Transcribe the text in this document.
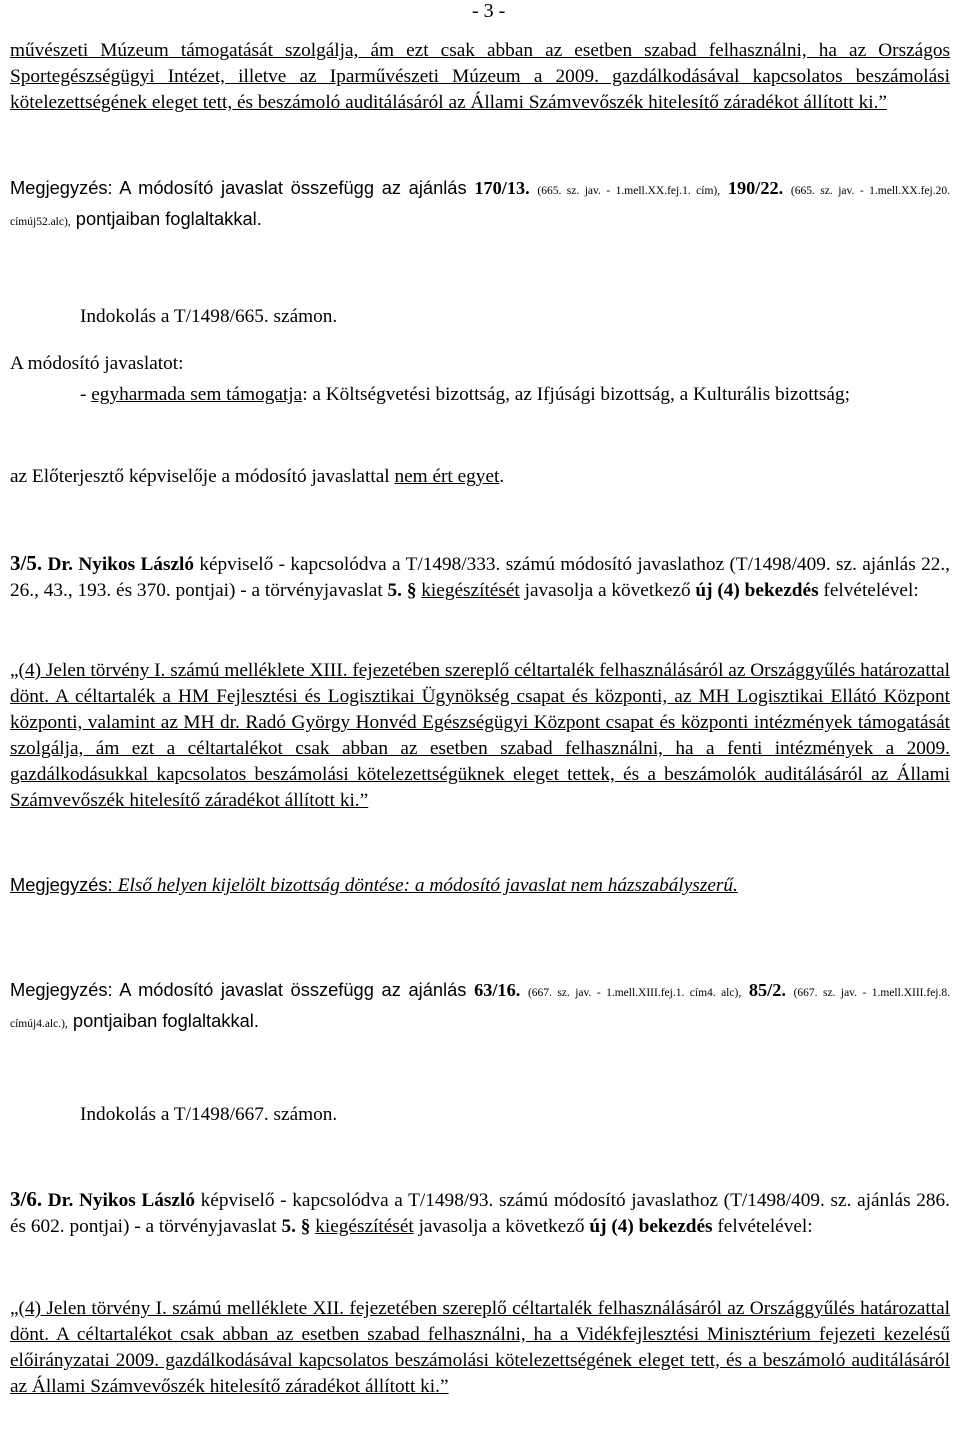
- 3 -
művészeti Múzeum támogatását szolgálja, ám ezt csak abban az esetben szabad felhasználni, ha az Országos Sportegészségügyi Intézet, illetve az Iparművészeti Múzeum a 2009. gazdálkodásával kapcsolatos beszámolási kötelezettségének eleget tett, és beszámoló auditálásáról az Állami Számvevőszék hitelesítő záradékot állított ki.”
Megjegyzés: A módosító javaslat összefügg az ajánlás 170/13. (665. sz. jav. - 1.mell.XX.fej.1. cím), 190/22. (665. sz. jav. - 1.mell.XX.fej.20. címúj52.alc), pontjaiban foglaltakkal.
Indokolás a T/1498/665. számon.
A módosító javaslatot:
- egyharmada sem támogatja: a Költségvetési bizottság, az Ifjúsági bizottság, a Kulturális bizottság;
az Előterjesztő képviselője a módosító javaslattal nem ért egyet.
3/5. Dr. Nyikos László képviselő - kapcsolódva a T/1498/333. számú módosító javaslathoz (T/1498/409. sz. ajánlás 22., 26., 43., 193. és 370. pontjai) - a törvényjavaslat 5. § kiegészítését javasolja a következő új (4) bekezdés felvételével:
„(4) Jelen törvény I. számú melléklete XIII. fejezetében szereplő céltartalék felhasználásáról az Országgyűlés határozattal dönt. A céltartalék a HM Fejlesztési és Logisztikai Ügynökség csapat és központi, az MH Logisztikai Ellátó Központ központi, valamint az MH dr. Radó György Honvéd Egészségügyi Központ csapat és központi intézmények támogatását szolgálja, ám ezt a céltartalékot csak abban az esetben szabad felhasználni, ha a fenti intézmények a 2009. gazdálkodásukkal kapcsolatos beszámolási kötelezettségüknek eleget tettek, és a beszámolók auditálásáról az Állami Számvevőszék hitelesítő záradékot állított ki.”
Megjegyzés: Első helyen kijelölt bizottság döntése: a módosító javaslat nem házszabályszerű.
Megjegyzés: A módosító javaslat összefügg az ajánlás 63/16. (667. sz. jav. - 1.mell.XIII.fej.1. cím4. alc), 85/2. (667. sz. jav. - 1.mell.XIII.fej.8. címúj4.alc.), pontjaiban foglaltakkal.
Indokolás a T/1498/667. számon.
3/6. Dr. Nyikos László képviselő - kapcsolódva a T/1498/93. számú módosító javaslathoz (T/1498/409. sz. ajánlás 286. és 602. pontjai) - a törvényjavaslat 5. § kiegészítését javasolja a következő új (4) bekezdés felvételével:
„(4) Jelen törvény I. számú melléklete XII. fejezetében szereplő céltartalék felhasználásáról az Országgyűlés határozattal dönt. A céltartalékot csak abban az esetben szabad felhasználni, ha a Vidékfejlesztési Minisztérium fejezeti kezelésű előirányzatai 2009. gazdálkodásával kapcsolatos beszámolási kötelezettségének eleget tett, és a beszámoló auditálásáról az Állami Számvevőszék hitelesítő záradékot állított ki.”
